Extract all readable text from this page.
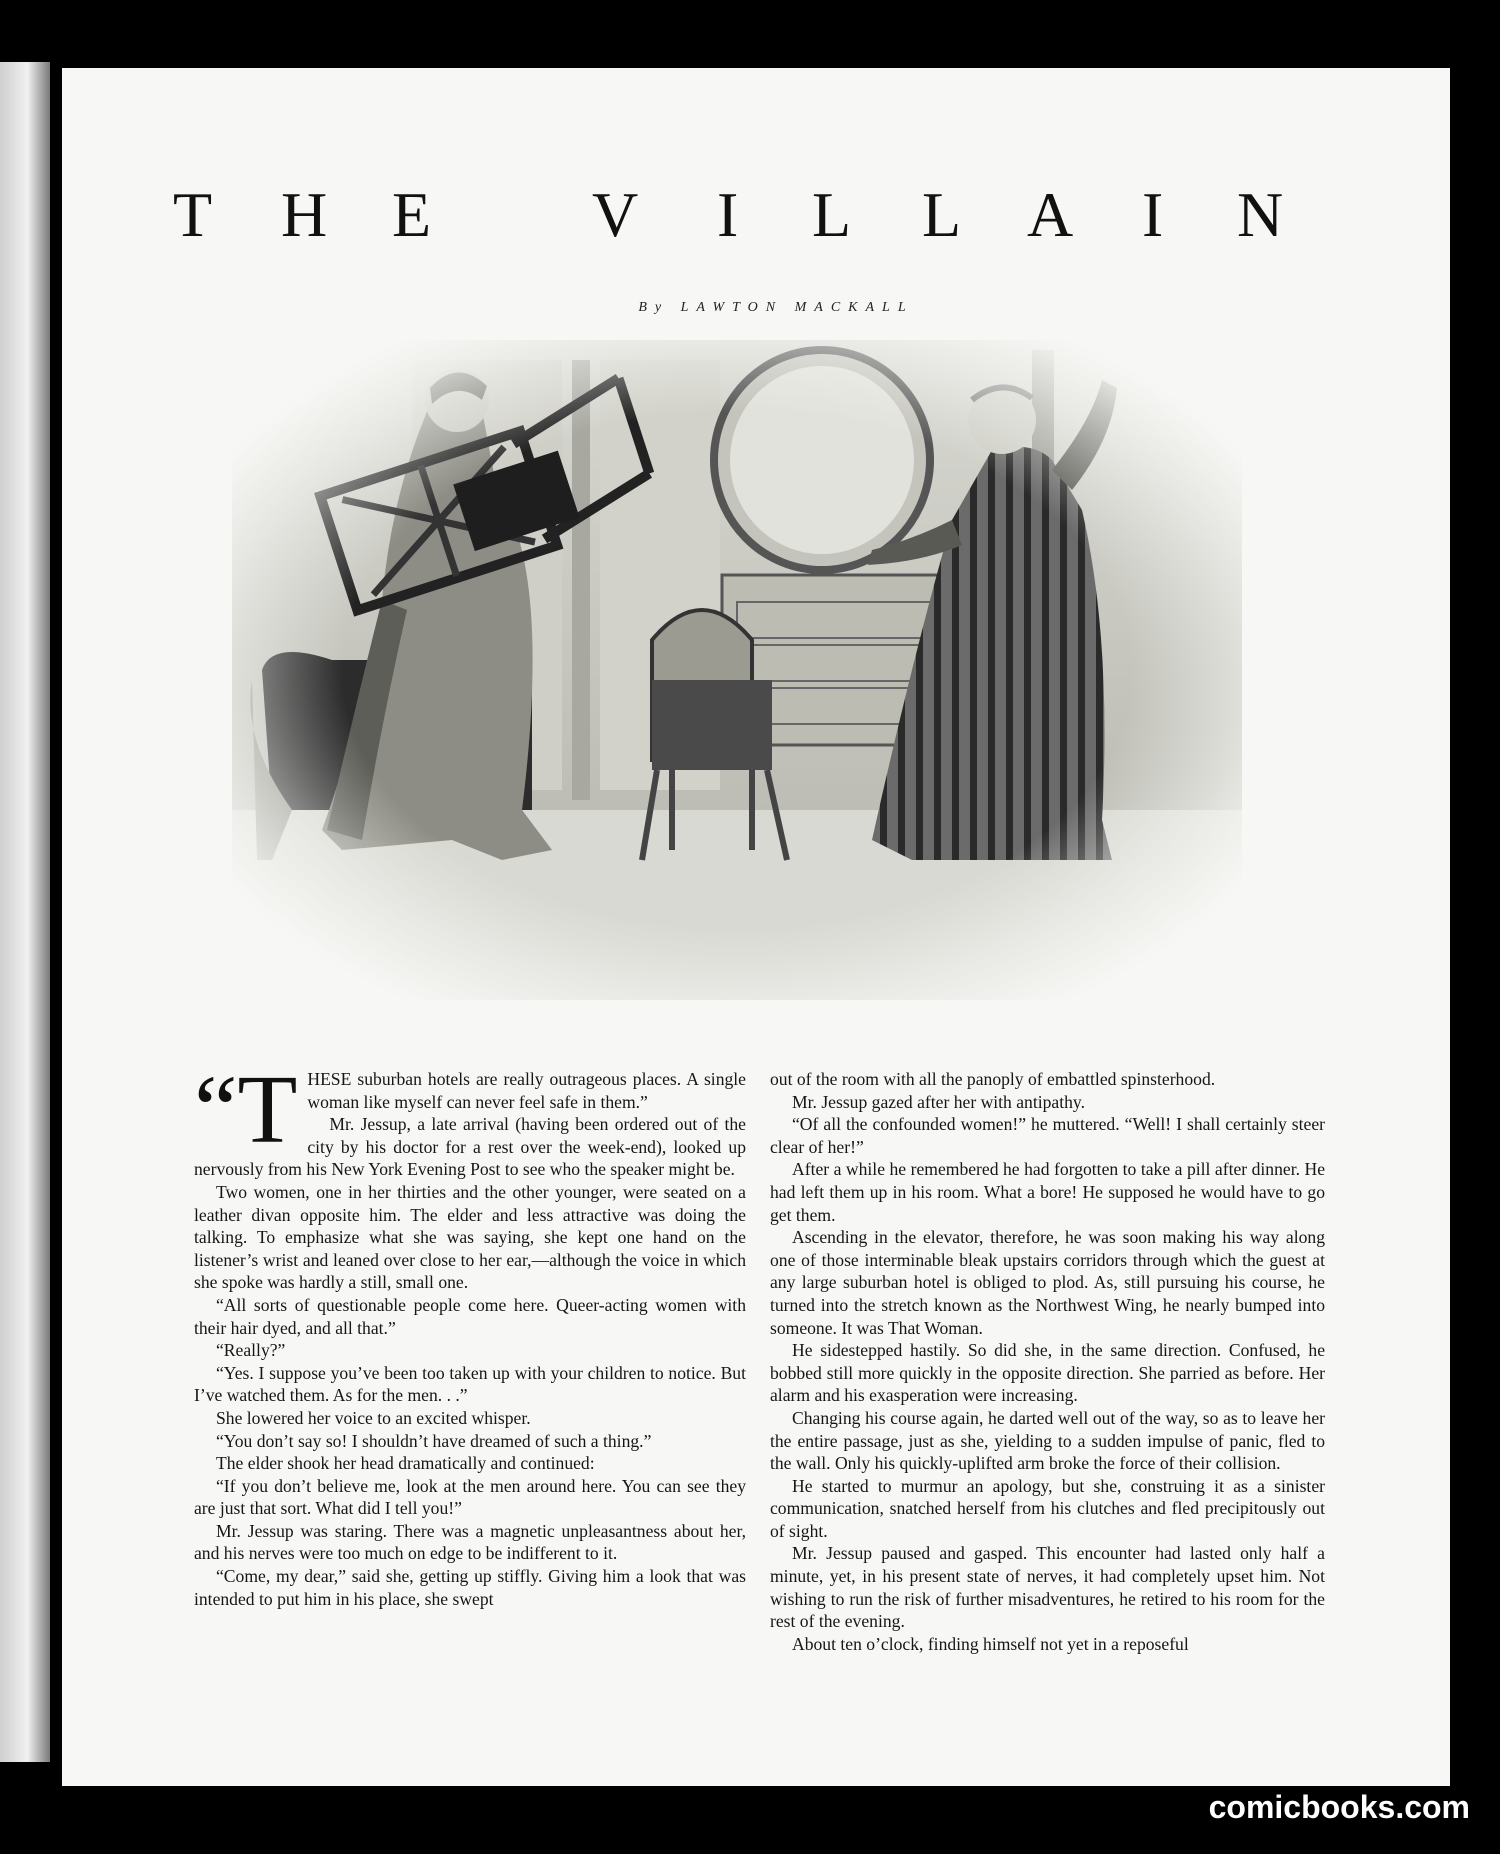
T H E	V I L L A I N
By LAWTON MACKALL

“THESE suburban hotels are really outrageous places. A single woman like myself can never feel safe in them.”

Mr. Jessup, a late arrival (having been ordered out of the city by his doctor for a rest over the week-end), looked up nervously from his New York Evening Post to see who the speaker might be.

Two women, one in her thirties and the other younger, were seated on a leather divan opposite him. The elder and less attractive was doing the talking. To emphasize what she was saying, she kept one hand on the listener’s wrist and leaned over close to her ear,—although the voice in which she spoke was hardly a still, small one.

“All sorts of questionable people come here. Queer-acting women with their hair dyed, and all that.”

“Really?”

“Yes. I suppose you’ve been too taken up with your children to notice. But I’ve watched them. As for the men. . .”

She lowered her voice to an excited whisper.

“You don’t say so! I shouldn’t have dreamed of such a thing.”

The elder shook her head dramatically and continued:

“If you don’t believe me, look at the men around here. You can see they are just that sort. What did I tell you!”

Mr. Jessup was staring. There was a magnetic unpleasantness about her, and his nerves were too much on edge to be indifferent to it.

“Come, my dear,” said she, getting up stiffly. Giving him a look that was intended to put him in his place, she swept

out of the room with all the panoply of embattled spinsterhood.

Mr. Jessup gazed after her with antipathy.

“Of all the confounded women!” he muttered. “Well! I shall certainly steer clear of her!”

After a while he remembered he had forgotten to take a pill after dinner. He had left them up in his room. What a bore! He supposed he would have to go get them.

Ascending in the elevator, therefore, he was soon making his way along one of those interminable bleak upstairs corridors through which the guest at any large suburban hotel is obliged to plod. As, still pursuing his course, he turned into the stretch known as the Northwest Wing, he nearly bumped into someone. It was That Woman.

He sidestepped hastily. So did she, in the same direction. Confused, he bobbed still more quickly in the opposite direction. She parried as before. Her alarm and his exasperation were increasing.

Changing his course again, he darted well out of the way, so as to leave her the entire passage, just as she, yielding to a sudden impulse of panic, fled to the wall. Only his quickly-uplifted arm broke the force of their collision.

He started to murmur an apology, but she, construing it as a sinister communication, snatched herself from his clutches and fled precipitously out of sight.

Mr. Jessup paused and gasped. This encounter had lasted only half a minute, yet, in his present state of nerves, it had completely upset him. Not wishing to run the risk of further misadventures, he retired to his room for the rest of the evening.

About ten o’clock, finding himself not yet in a reposeful

comicbooks.com
